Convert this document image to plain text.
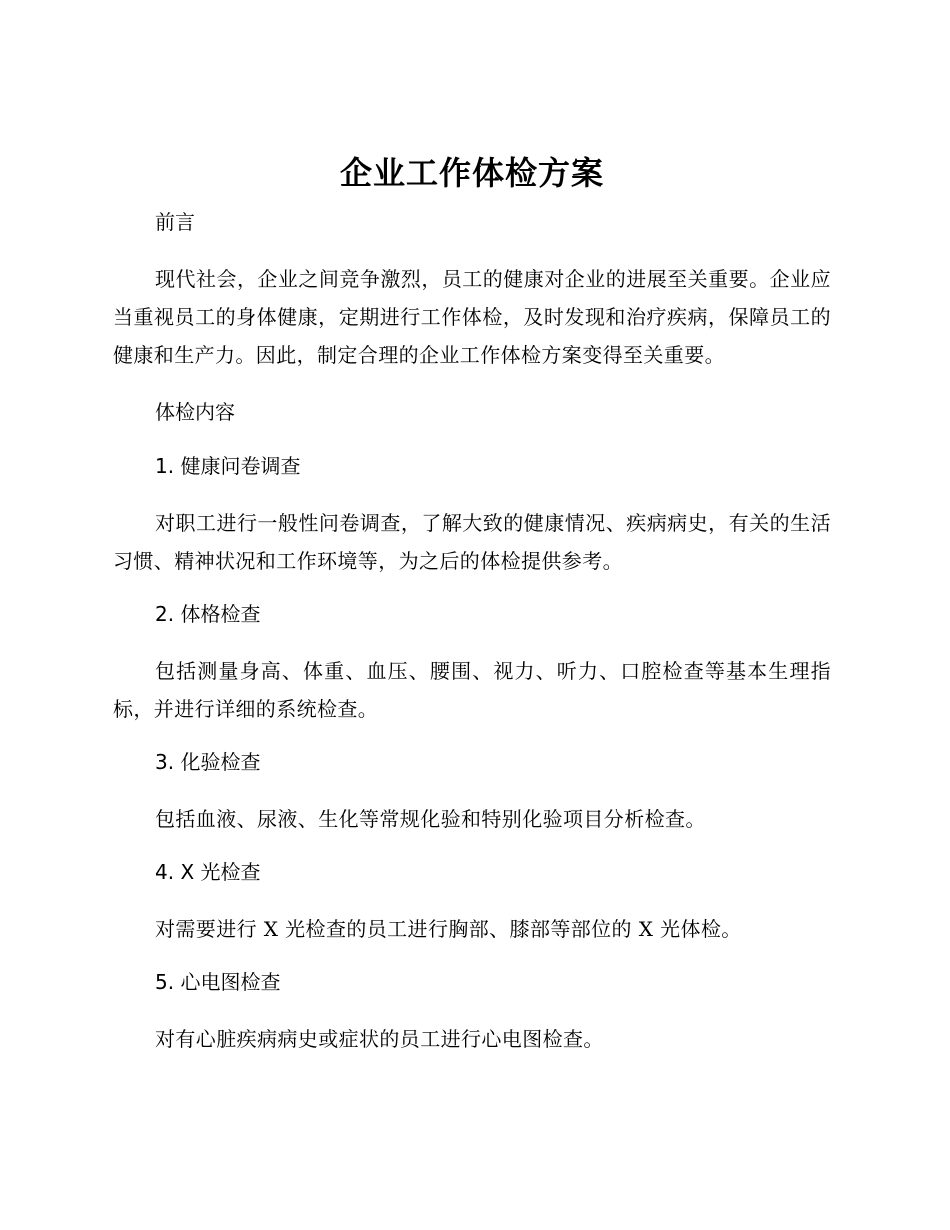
企业工作体检方案
前言

现代社会，企业之间竞争激烈，员工的健康对企业的进展至关重要。企业应当重视员工的身体健康，定期进行工作体检，及时发现和治疗疾病，保障员工的健康和生产力。因此，制定合理的企业工作体检方案变得至关重要。

体检内容
1. 健康问卷调查

对职工进行一般性问卷调查，了解大致的健康情况、疾病病史，有关的生活习惯、精神状况和工作环境等，为之后的体检提供参考。

2. 体格检查

包括测量身高、体重、血压、腰围、视力、听力、口腔检查等基本生理指标，并进行详细的系统检查。

3. 化验检查

包括血液、尿液、生化等常规化验和特别化验项目分析检查。

4. X 光检查

对需要进行 X 光检查的员工进行胸部、膝部等部位的 X 光体检。

5. 心电图检查

对有心脏疾病病史或症状的员工进行心电图检查。
